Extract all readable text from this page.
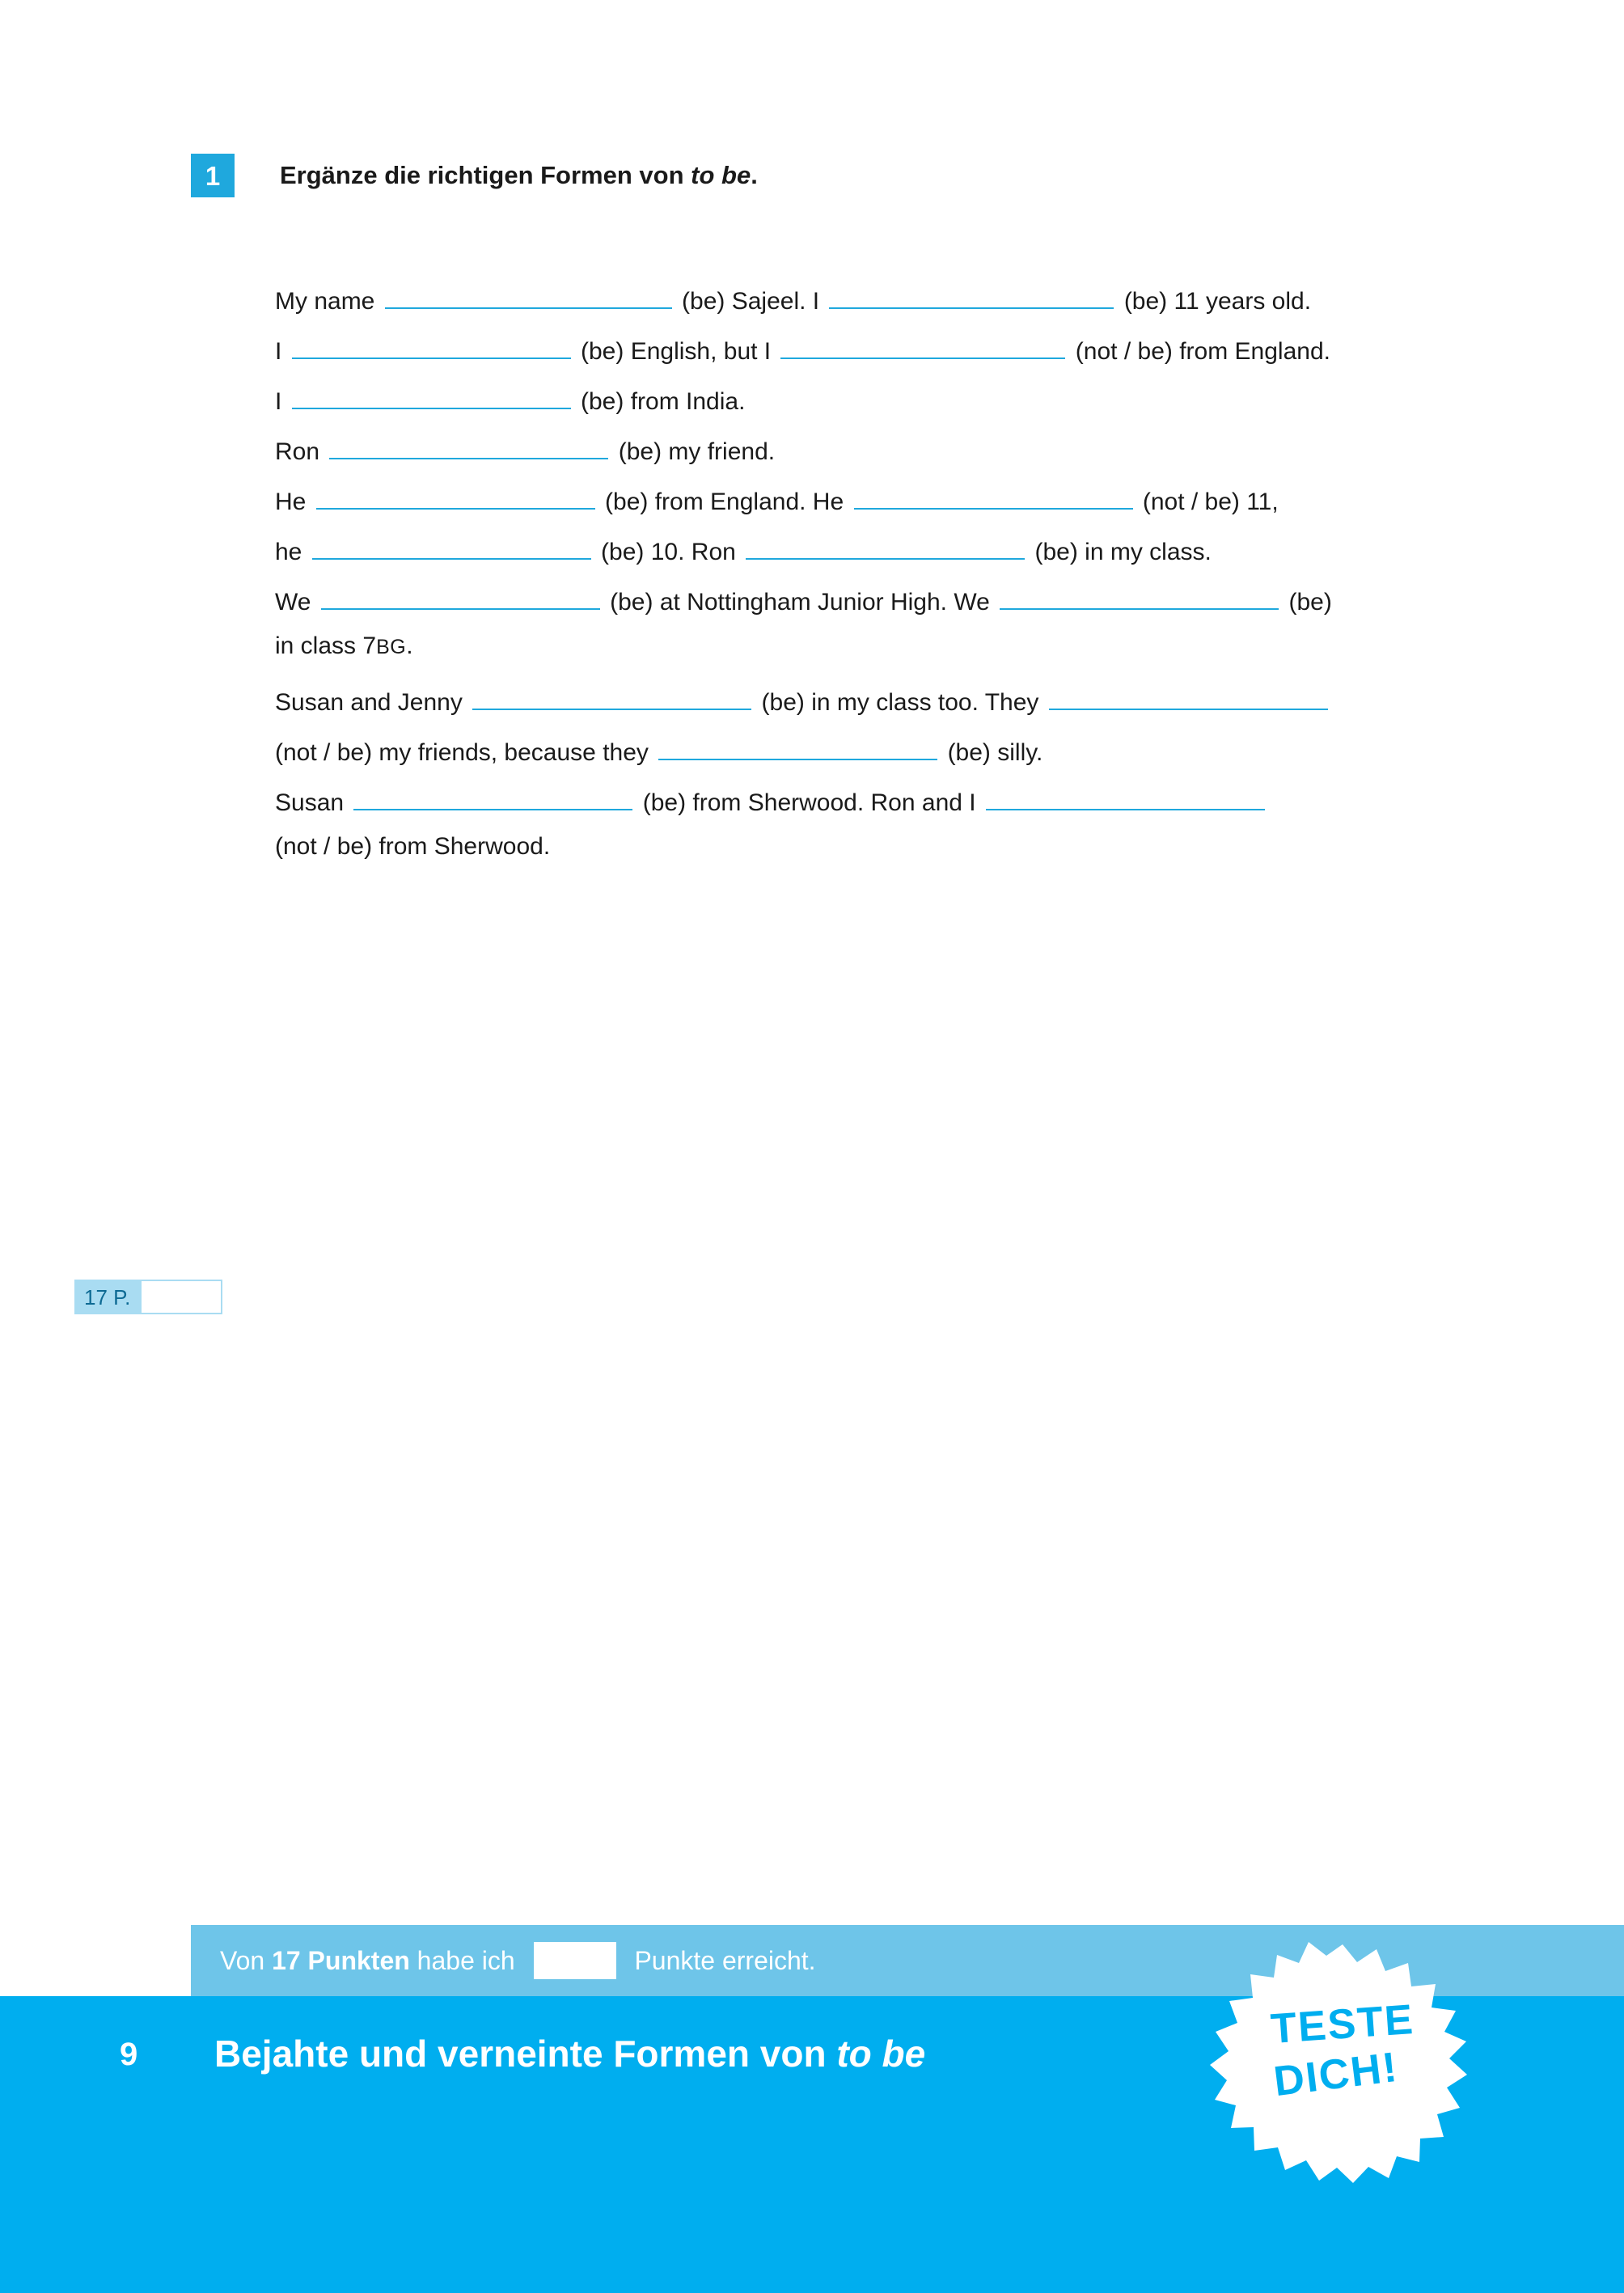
1	Ergänze die richtigen Formen von to be.
My name	(be) Sajeel. I	(be) 11 years old.
I	(be) English, but I	(not / be) from England.
I	(be) from India.
Ron	(be) my friend.
He	(be) from England. He	(not / be) 11,
he	(be) 10. Ron	(be) in my class.
We	(be) at Nottingham Junior High. We	(be)
in class 7 BG .
Susan and Jenny	(be) in my class too. They
(not / be) my friends, because they	(be) silly.
Susan	(be) from Sherwood. Ron and I
(not / be) from Sherwood.
17 P.
Von 17 Punkten habe ich	Punkte erreicht.
9 Bejahte und verneinte Formen von to be
TESTE
DICH!
